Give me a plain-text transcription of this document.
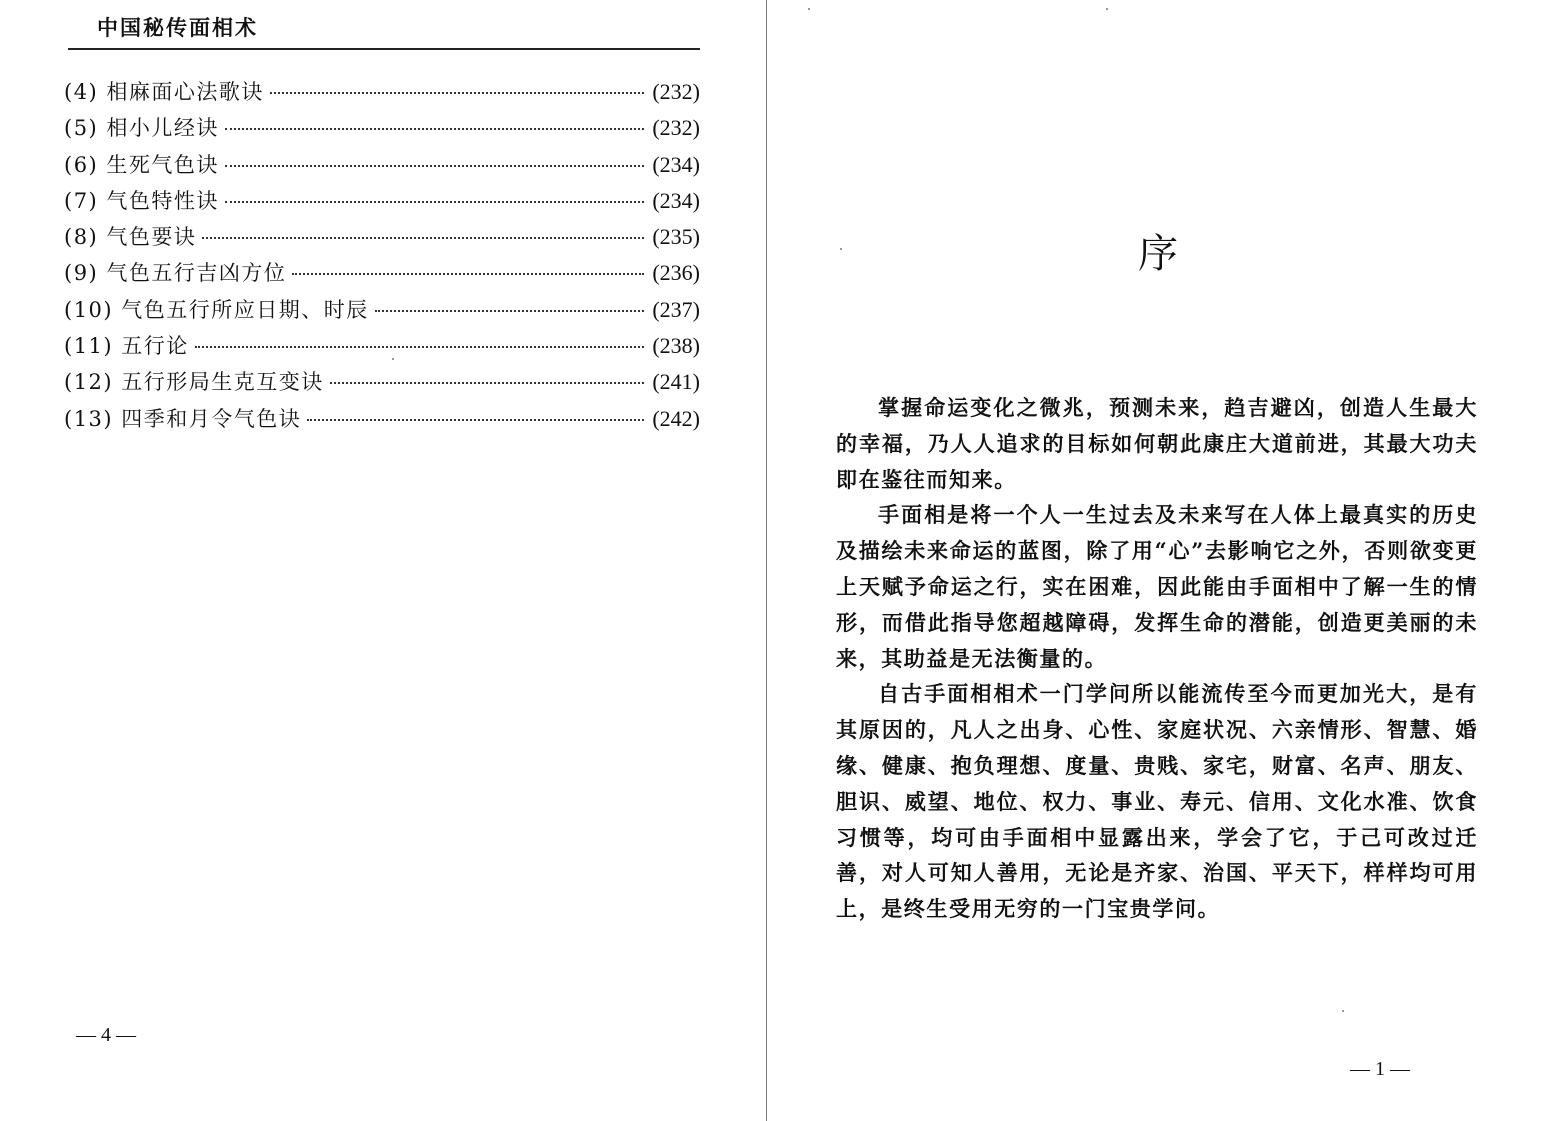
中国秘传面相术
(4) 相麻面心法歌诀	(232)
(5) 相小儿经诀	(232)
(6) 生死气色诀	(234)
(7) 气色特性诀	(234)
(8) 气色要诀	(235)
(9) 气色五行吉凶方位	(236)
(10) 气色五行所应日期、时辰	(237)
(11) 五行论	(238)
(12) 五行形局生克互变诀	(241)
(13) 四季和月令气色诀	(242)
— 4 —
序

掌握命运变化之微兆，预测未来，趋吉避凶，创造人生最大的幸福，乃人人追求的目标如何朝此康庄大道前进，其最大功夫即在鉴往而知来。

手面相是将一个人一生过去及未来写在人体上最真实的历史及描绘未来命运的蓝图，除了用“心”去影响它之外，否则欲变更上天赋予命运之行，实在困难，因此能由手面相中了解一生的情形，而借此指导您超越障碍，发挥生命的潜能，创造更美丽的未来，其助益是无法衡量的。

自古手面相相术一门学问所以能流传至今而更加光大，是有其原因的，凡人之出身、心性、家庭状况、六亲情形、智慧、婚缘、健康、抱负理想、度量、贵贱、家宅，财富、名声、朋友、胆识、威望、地位、权力、事业、寿元、信用、文化水准、饮食习惯等，均可由手面相中显露出来，学会了它，于己可改过迁善，对人可知人善用，无论是齐家、治国、平天下，样样均可用上，是终生受用无穷的一门宝贵学问。

— 1 —
